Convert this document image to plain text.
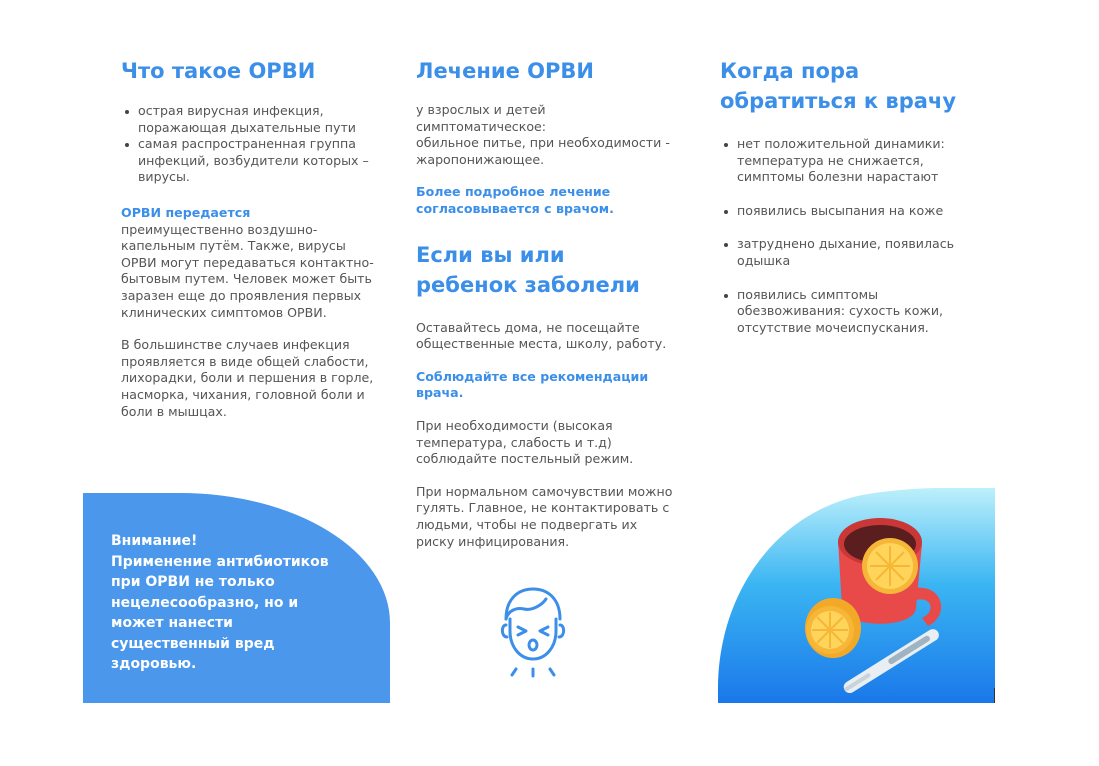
Что такое ОРВИ
острая вирусная инфекция, поражающая дыхательные пути
самая распространенная группа инфекций, возбудители которых – вирусы.

ОРВИ передается

преимущественно воздушно-капельным путём. Также, вирусы ОРВИ могут передаваться контактно-бытовым путем. Человек может быть заразен еще до проявления первых клинических симптомов ОРВИ.

В большинстве случаев инфекция проявляется в виде общей слабости, лихорадки, боли и першения в горле, насморка, чихания, головной боли и боли в мышцах.

Внимание!
Применение антибиотиков при ОРВИ не только нецелесообразно, но и может нанести существенный вред здоровью.
Лечение ОРВИ

у взрослых и детей

симптоматическое:

обильное питье, при необходимости - жаропонижающее.

Более подробное лечение согласовывается с врачом.

Если вы или ребенок заболели

Оставайтесь дома, не посещайте общественные места, школу, работу.

Соблюдайте все рекомендации врача.

При необходимости (высокая температура, слабость и т.д) соблюдайте постельный режим.

При нормальном самочувствии можно гулять. Главное, не контактировать с людьми, чтобы не подвергать их риску инфицирования.

Когда пора обратиться к врачу
нет положительной динамики: температура не снижается, симптомы болезни нарастают
появились высыпания на коже
затруднено дыхание, появилась одышка
появились симптомы обезвоживания: сухость кожи, отсутствие мочеиспускания.
